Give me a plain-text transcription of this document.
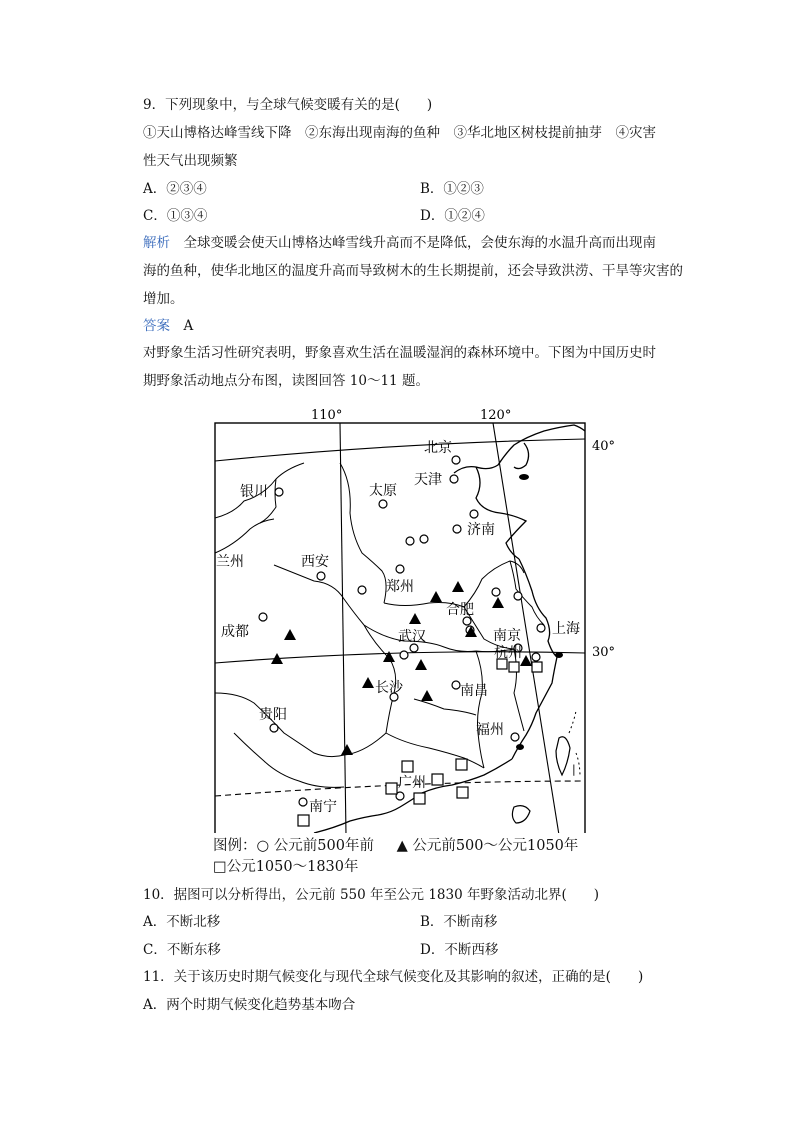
9．下列现象中，与全球气候变暖有关的是(　　)
①天山博格达峰雪线下降　②东海出现南海的鱼种　③华北地区树枝提前抽芽　④灾害
性天气出现频繁
A．②③④	B．①②③
C．①③④	D．①②④
解析　 全球变暖会使天山博格达峰雪线升高而不是降低，会使东海的水温升高而出现南
海的鱼种，使华北地区的温度升高而导致树木的生长期提前，还会导致洪涝、干旱等灾害的
增加。
答案　 A
对野象生活习性研究表明，野象喜欢生活在温暖湿润的森林环境中。下图为中国历史时
期野象活动地点分布图，读图回答 10～11 题。
110°	120°
40°
30°
|
北京
天津
银川	太原
济南
兰州	西安
郑州
合肥
成都	武汉	南京 上海
杭州
长沙	南昌
贵阳
福州
广州
南宁
图例：○ 公元前500年前 ▲ 公元前500～公元1050年
□公元1050～1830年
10．据图可以分析得出，公元前 550 年至公元 1830 年野象活动北界(　　)
A．不断北移	B．不断南移
C．不断东移	D．不断西移
11．关于该历史时期气候变化与现代全球气候变化及其影响的叙述，正确的是(　　)
A．两个时期气候变化趋势基本吻合
